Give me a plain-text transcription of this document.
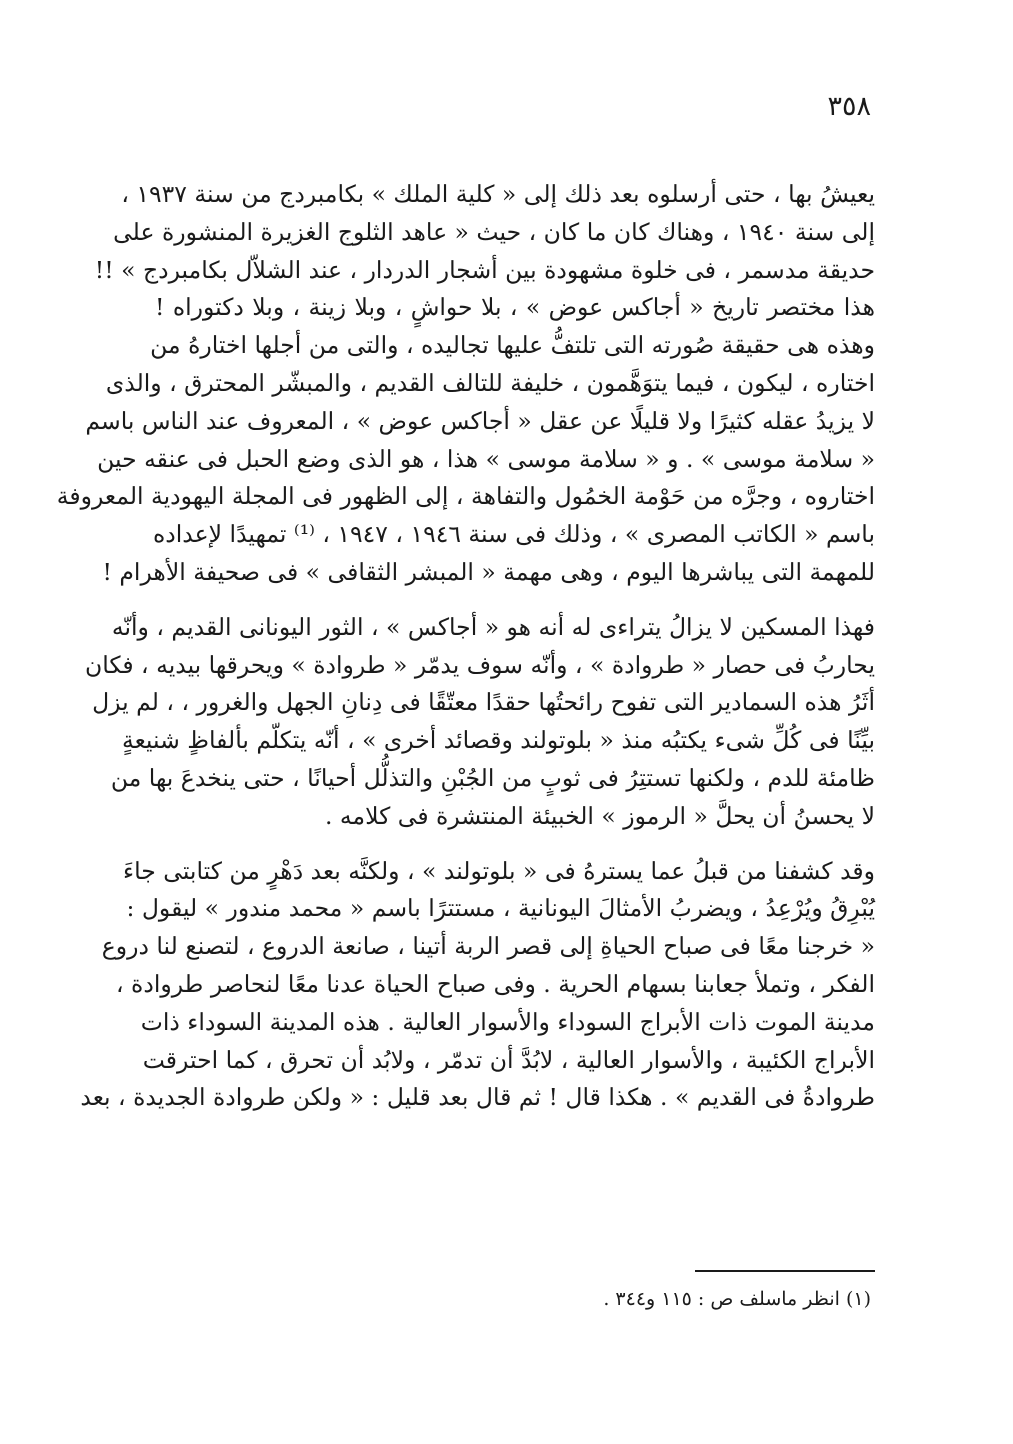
٣٥٨
يعيشُ بها ، حتى أرسلوه بعد ذلك إلى « كلية الملك » بكامبردج من سنة ١٩٣٧ ،
إلى سنة ١٩٤٠ ، وهناك كان ما كان ، حيث « عاهد الثلوج الغزيرة المنشورة على
حديقة مدسمر ، فى خلوة مشهودة بين أشجار الدردار ، عند الشلاّل بكامبردج » !!
هذا مختصر تاريخ « أجاكس عوض » ، بلا حواشٍ ، وبلا زينة ، وبلا دكتوراه !
وهذه هى حقيقة صُورته التى تلتفُّ عليها تجاليده ، والتى من أجلها اختارهُ من
اختاره ، ليكون ، فيما يتوَهَّمون ، خليفة للتالف القديم ، والمبشّر المحترق ، والذى
لا يزيدُ عقله كثيرًا ولا قليلًا عن عقل « أجاكس عوض » ، المعروف عند الناس باسم
« سلامة موسى » . و « سلامة موسى » هذا ، هو الذى وضع الحبل فى عنقه حين
اختاروه ، وجرَّه من حَوْمة الخمُول والتفاهة ، إلى الظهور فى المجلة اليهودية المعروفة
باسم « الكاتب المصرى » ، وذلك فى سنة ١٩٤٦ ، ١٩٤٧ ، ⁽¹⁾ تمهيدًا لإعداده
للمهمة التى يباشرها اليوم ، وهى مهمة « المبشر الثقافى » فى صحيفة الأهرام !
فهذا المسكين لا يزالُ يتراءى له أنه هو « أجاكس » ، الثور اليونانى القديم ، وأنّه
يحاربُ فى حصار « طروادة » ، وأنّه سوف يدمّر « طروادة » ويحرقها بيديه ، فكان
أثَرُ هذه السمادير التى تفوح رائحتُها حقدًا معتّقًا فى دِنانِ الجهل والغرور ، ، لم يزل
بيِّنًا فى كُلِّ شىء يكتبُه منذ « بلوتولند وقصائد أخرى » ، أنّه يتكلّم بألفاظٍ شنيعةٍ
ظامئة للدم ، ولكنها تستتِرُ فى ثوبٍ من الجُبْنِ والتذلُّل أحيانًا ، حتى ينخدعَ بها من
لا يحسنُ أن يحلَّ « الرموز » الخبيئة المنتشرة فى كلامه .
وقد كشفنا من قبلُ عما يسترهُ فى « بلوتولند » ، ولكنَّه بعد دَهْرٍ من كتابتى جاءَ
يُبْرِقُ ويُرْعِدُ ، ويضربُ الأمثالَ اليونانية ، مستترًا باسم « محمد مندور » ليقول :
« خرجنا معًا فى صباح الحياةِ إلى قصر الربة أتينا ، صانعة الدروع ، لتصنع لنا دروع
الفكر ، وتملأ جعابنا بسهام الحرية . وفى صباح الحياة عدنا معًا لنحاصر طروادة ،
مدينة الموت ذات الأبراج السوداء والأسوار العالية . هذه المدينة السوداء ذات
الأبراج الكئيبة ، والأسوار العالية ، لابُدَّ أن تدمّر ، ولابُد أن تحرق ، كما احترقت
طروادةُ فى القديم » . هكذا قال ! ثم قال بعد قليل : « ولكن طروادة الجديدة ، بعد
(١) انظر ماسلف ص : ١١٥ و٣٤٤ .
